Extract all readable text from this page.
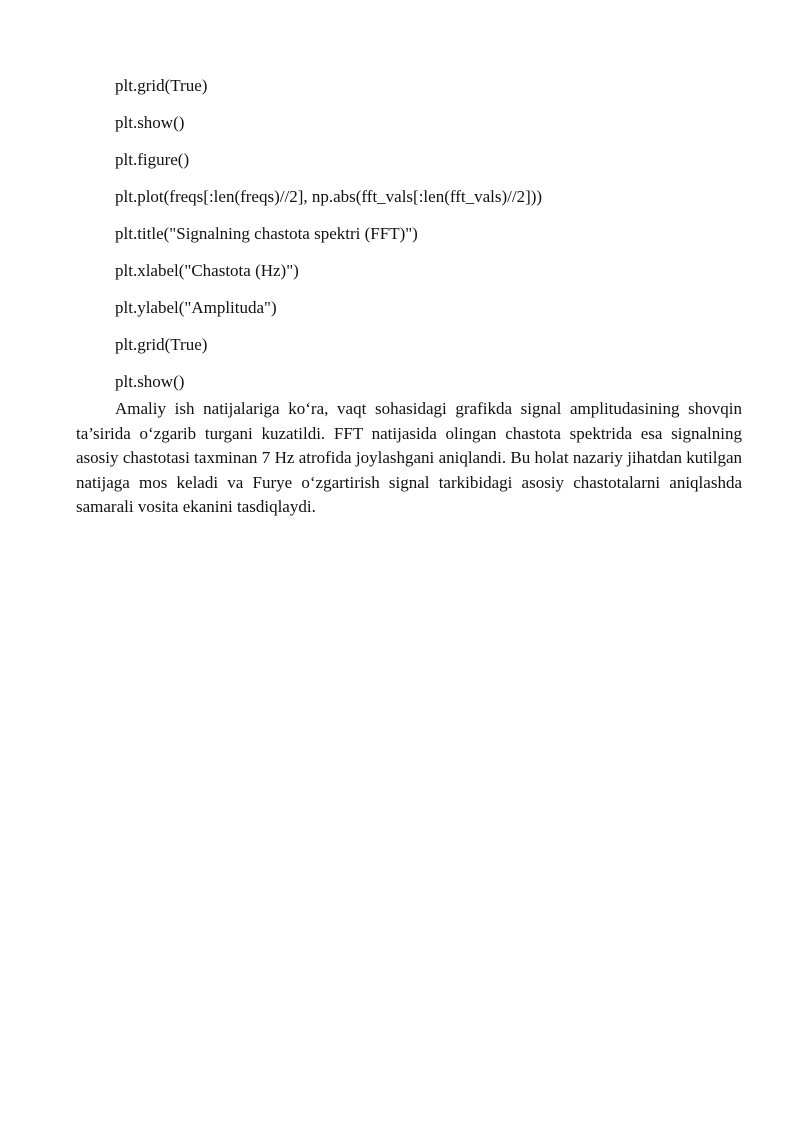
plt.grid(True)
plt.show()
plt.figure()
plt.plot(freqs[:len(freqs)//2], np.abs(fft_vals[:len(fft_vals)//2]))
plt.title("Signalning chastota spektri (FFT)")
plt.xlabel("Chastota (Hz)")
plt.ylabel("Amplituda")
plt.grid(True)
plt.show()

Amaliy ish natijalariga ko‘ra, vaqt sohasidagi grafikda signal amplitudasining shovqin ta’sirida o‘zgarib turgani kuzatildi. FFT natijasida olingan chastota spektrida esa signalning asosiy chastotasi taxminan 7 Hz atrofida joylashgani aniqlandi. Bu holat nazariy jihatdan kutilgan natijaga mos keladi va Furye o‘zgartirish signal tarkibidagi asosiy chastotalarni aniqlashda samarali vosita ekanini tasdiqlaydi.
